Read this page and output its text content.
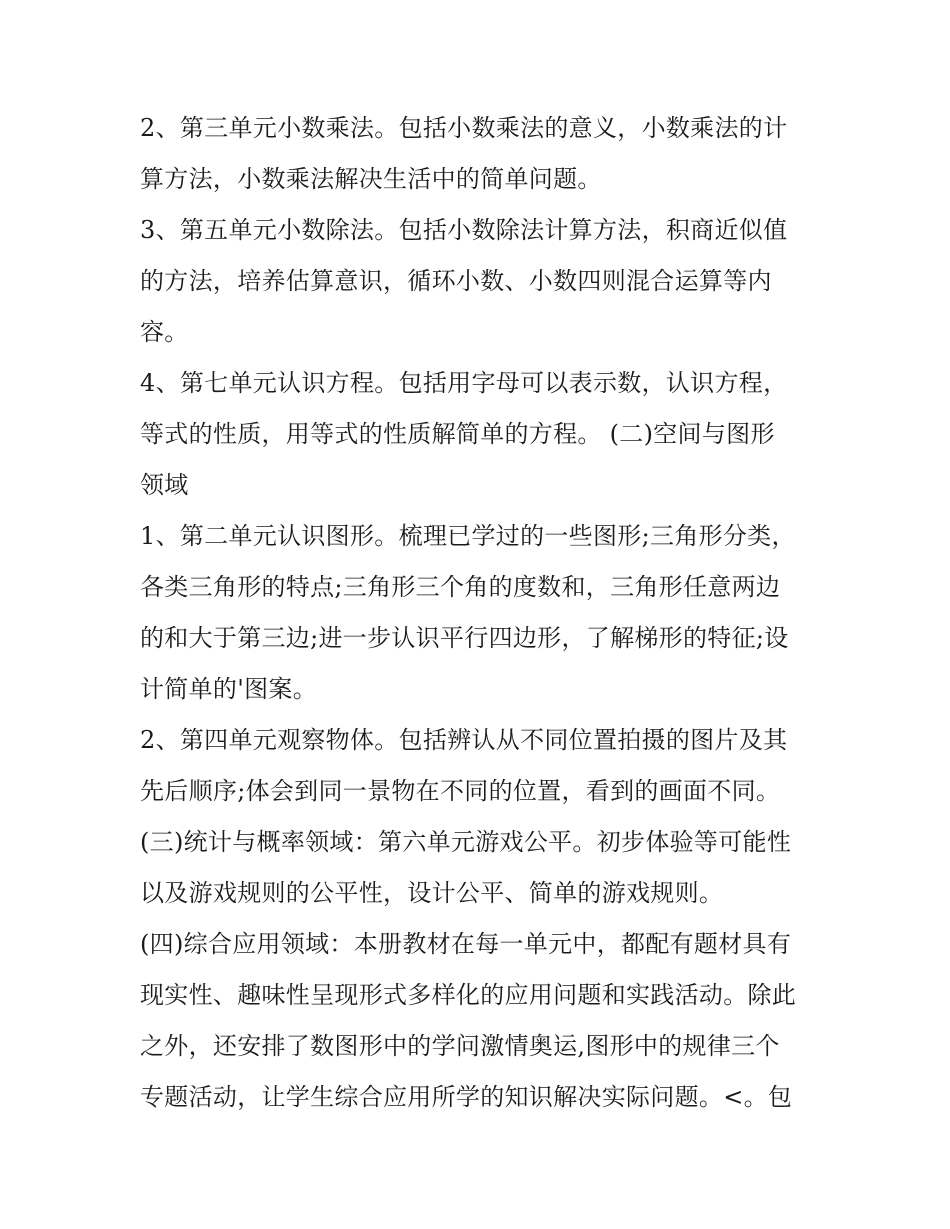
2、第三单元小数乘法。包括小数乘法的意义，小数乘法的计
算方法，小数乘法解决生活中的简单问题。

3、第五单元小数除法。包括小数除法计算方法，积商近似值
的方法，培养估算意识，循环小数、小数四则混合运算等内
容。

4、第七单元认识方程。包括用字母可以表示数，认识方程，
等式的性质，用等式的性质解简单的方程。 (二)空间与图形
领域

1、第二单元认识图形。梳理已学过的一些图形;三角形分类，
各类三角形的特点;三角形三个角的度数和，三角形任意两边
的和大于第三边;进一步认识平行四边形，了解梯形的特征;设
计简单的'图案。

2、第四单元观察物体。包括辨认从不同位置拍摄的图片及其
先后顺序;体会到同一景物在不同的位置，看到的画面不同。

(三)统计与概率领域：第六单元游戏公平。初步体验等可能性
以及游戏规则的公平性，设计公平、简单的游戏规则。

(四)综合应用领域：本册教材在每一单元中，都配有题材具有
现实性、趣味性呈现形式多样化的应用问题和实践活动。除此
之外，还安排了数图形中的学问激情奥运,图形中的规律三个
专题活动，让学生综合应用所学的知识解决实际问题。<。包
